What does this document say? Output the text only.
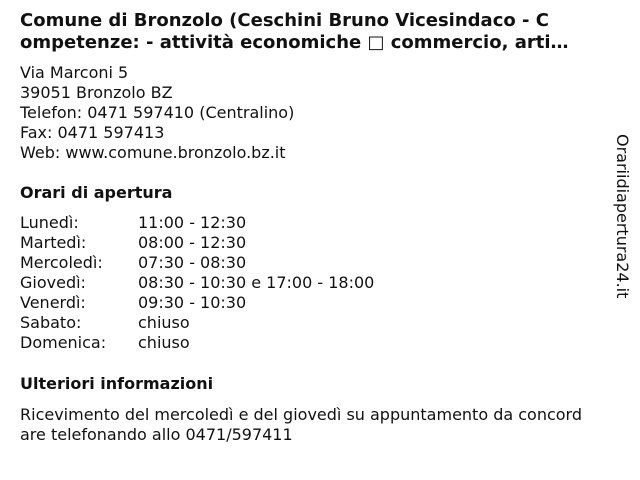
Comune di Bronzolo (Ceschini Bruno Vicesindaco - C
ompetenze: - attività economiche □ commercio, arti…
Via Marconi 5
39051 Bronzolo BZ
Telefon: 0471 597410 (Centralino)
Fax: 0471 597413
Web: www.comune.bronzolo.bz.it
Orari di apertura
Lunedì:	11:00 - 12:30
Martedì:	08:00 - 12:30
Mercoledì:	07:30 - 08:30
Giovedì:	08:30 - 10:30 e 17:00 - 18:00
Venerdì:	09:30 - 10:30
Sabato:	chiuso
Domenica:	chiuso
Ulteriori informazioni
Ricevimento del mercoledì e del giovedì su appuntamento da concord
are telefonando allo 0471/597411
Orariidiapertura24.it
